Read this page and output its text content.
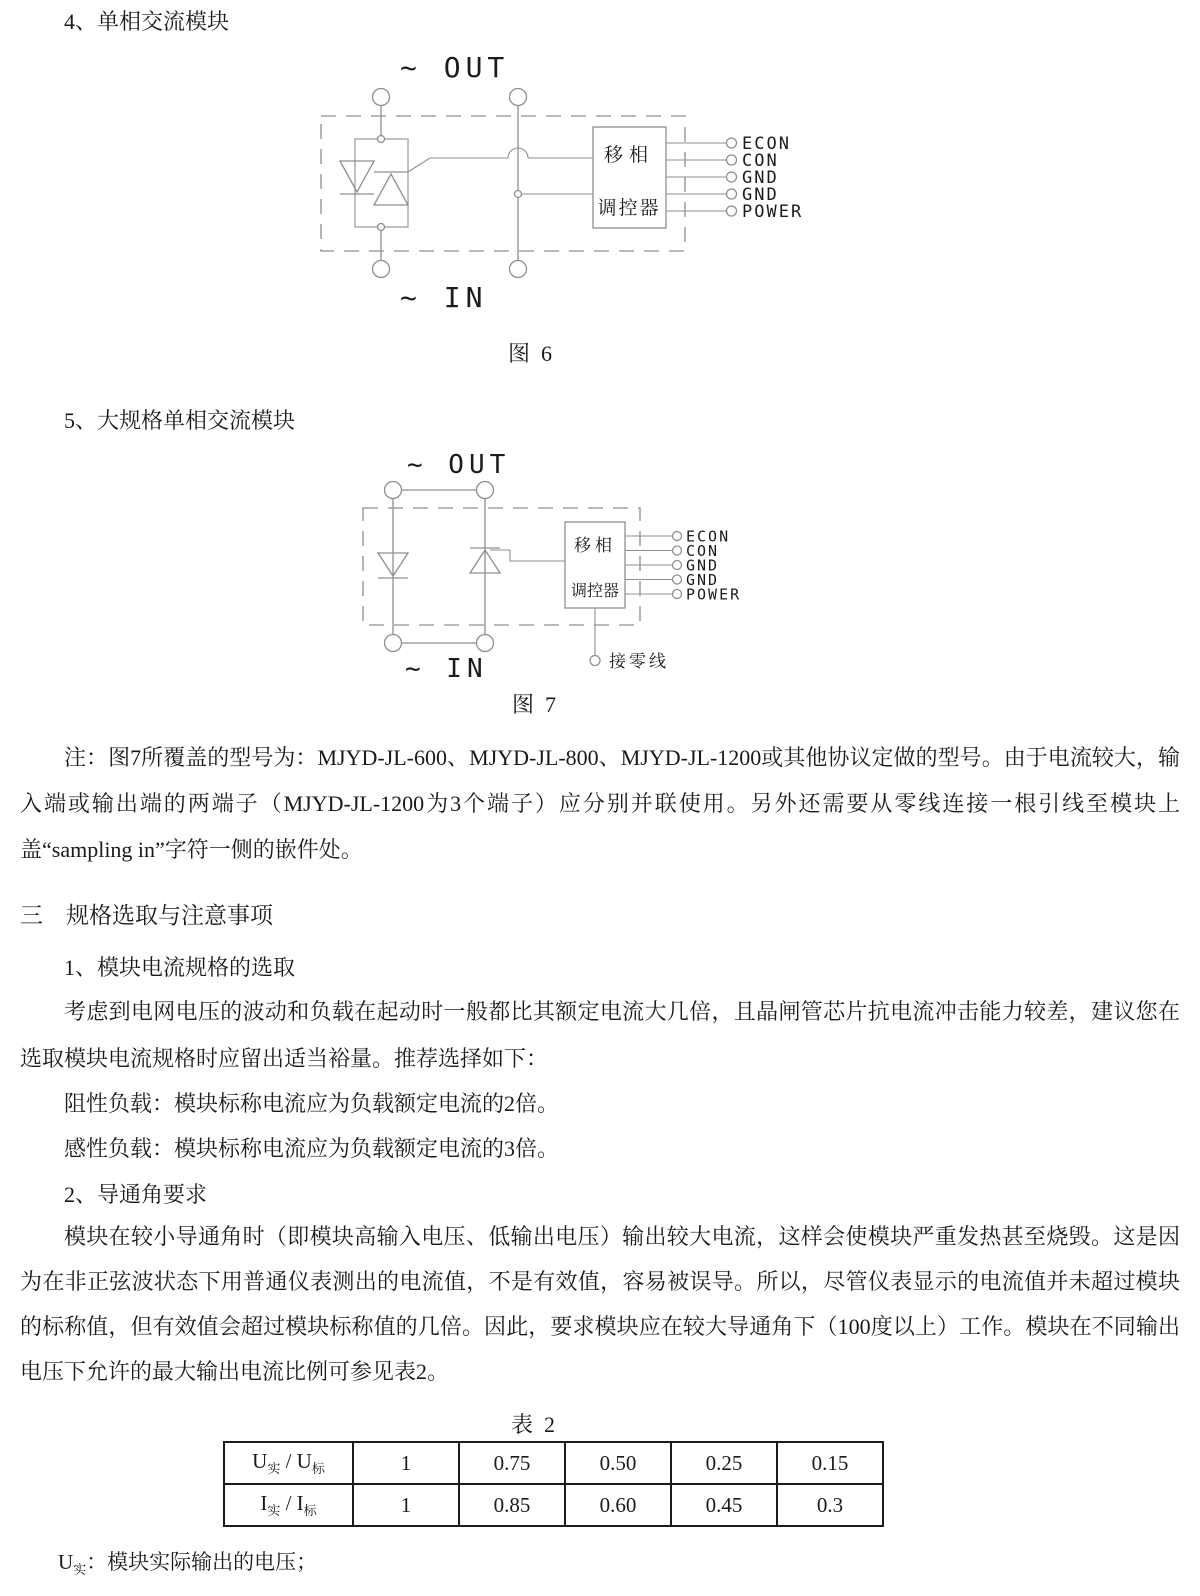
4、单相交流模块
~ OUT
移相
调控器
ECON
CON
GND
GND
POWER
~ IN
图  6
5、大规格单相交流模块
~ OUT
移相
调控器
ECON
CON
GND
GND
POWER
接零线
~ IN
图  7
注：图7所覆盖的型号为：MJYD-JL-600、MJYD-JL-800、MJYD-JL-1200或其他协议定做的型号。由于电流较大，输入端或输出端的两端子（MJYD-JL-1200为3个端子）应分别并联使用。另外还需要从零线连接一根引线至模块上盖“sampling in”字符一侧的嵌件处。
三　规格选取与注意事项
1、模块电流规格的选取
考虑到电网电压的波动和负载在起动时一般都比其额定电流大几倍，且晶闸管芯片抗电流冲击能力较差，建议您在选取模块电流规格时应留出适当裕量。推荐选择如下：
阻性负载：模块标称电流应为负载额定电流的2倍。
感性负载：模块标称电流应为负载额定电流的3倍。
2、导通角要求
模块在较小导通角时（即模块高输入电压、低输出电压）输出较大电流，这样会使模块严重发热甚至烧毁。这是因为在非正弦波状态下用普通仪表测出的电流值，不是有效值，容易被误导。所以，尽管仪表显示的电流值并未超过模块的标称值，但有效值会超过模块标称值的几倍。因此，要求模块应在较大导通角下（100度以上）工作。模块在不同输出电压下允许的最大输出电流比例可参见表2。
表  2
$U_实 / U_标$	1	0.75	0.50	0.25	0.15
$I_实 / I_标$	1	0.85	0.60	0.45	0.3
$U_实$：模块实际输出的电压；
